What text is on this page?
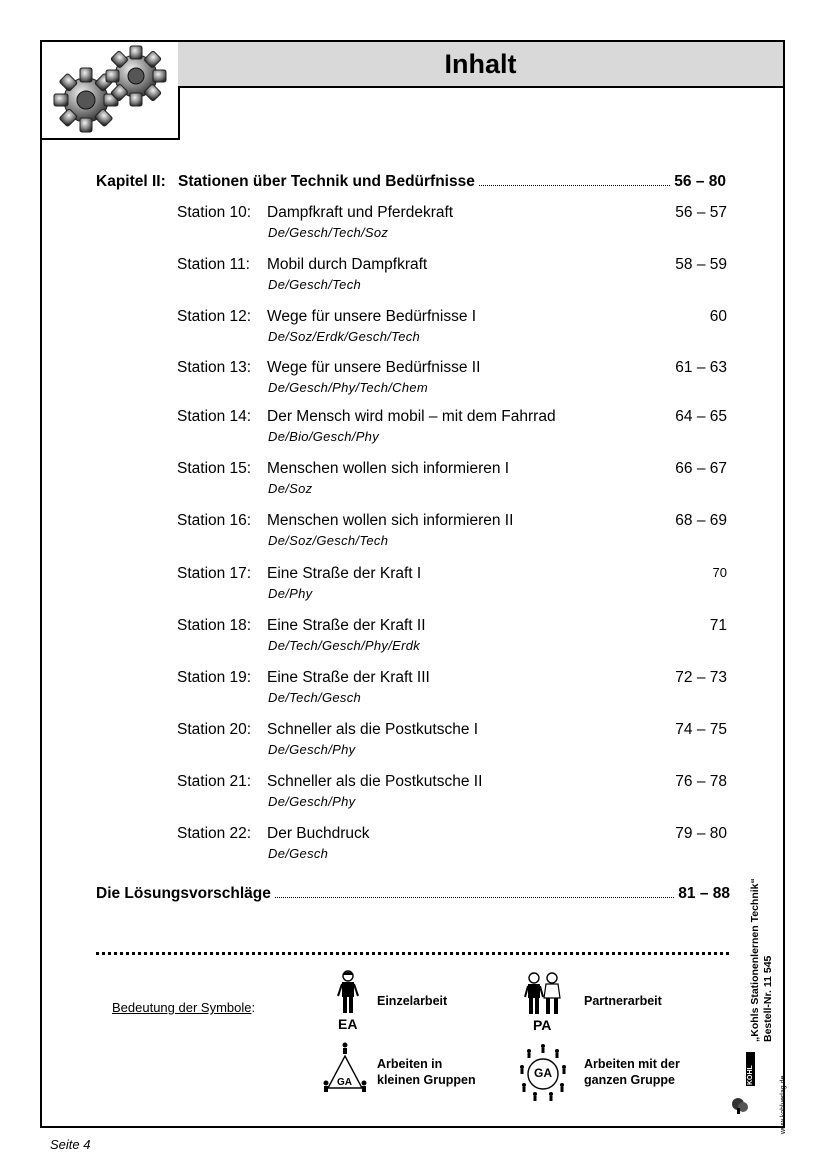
Inhalt
Kapitel II: Stationen über Technik und Bedürfnisse	56 – 80
Station 10: Dampfkraft und Pferdekraft	56 – 57
De/Gesch/Tech/Soz
Station 11: Mobil durch Dampfkraft	58 – 59
De/Gesch/Tech
Station 12: Wege für unsere Bedürfnisse I	60
De/Soz/Erdk/Gesch/Tech
Station 13: Wege für unsere Bedürfnisse II	61 – 63
De/Gesch/Phy/Tech/Chem
Station 14: Der Mensch wird mobil – mit dem Fahrrad	64 – 65
De/Bio/Gesch/Phy
Station 15: Menschen wollen sich informieren I	66 – 67
De/Soz
Station 16: Menschen wollen sich informieren II	68 – 69
De/Soz/Gesch/Tech
Station 17: Eine Straße der Kraft I	70
De/Phy
Station 18: Eine Straße der Kraft II	71
De/Tech/Gesch/Phy/Erdk
Station 19: Eine Straße der Kraft III	72 – 73
De/Tech/Gesch
Station 20: Schneller als die Postkutsche I	74 – 75
De/Gesch/Phy
Station 21: Schneller als die Postkutsche II	76 – 78
De/Gesch/Phy
Station 22: Der Buchdruck	79 – 80
De/Gesch
Die Lösungsvorschläge	81 – 88
Bedeutung der Symbole:
EA
Einzelarbeit
PA
Partnerarbeit
GA
Arbeiten in
kleinen Gruppen	GA
Arbeiten mit der
ganzen Gruppe
„Kohls Stationenlernen Technik“ Bestell-Nr. 11 545
www.kohlverlag.de
KOHL
Seite 4
